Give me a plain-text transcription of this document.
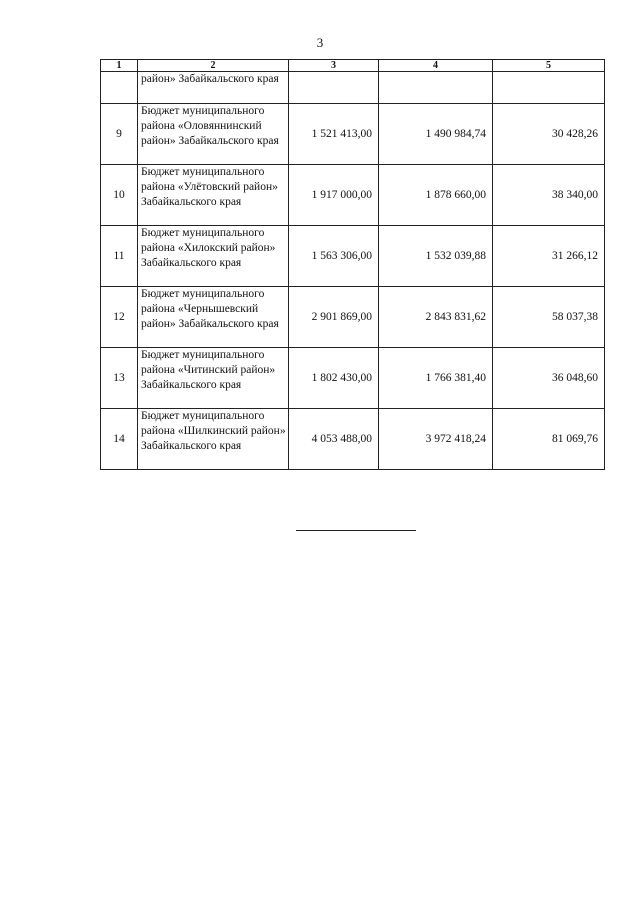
3
1	2	3	4	5
	район» Забайкальского края			
9	Бюджет муниципального района «Оловяннинский район» Забайкальского края	1 521 413,00	1 490 984,74	30 428,26
10	Бюджет муниципального района «Улётовский район» Забайкальского края	1 917 000,00	1 878 660,00	38 340,00
11	Бюджет муниципального района «Хилокский район» Забайкальского края	1 563 306,00	1 532 039,88	31 266,12
12	Бюджет муниципального района «Чернышевский район» Забайкальского края	2 901 869,00	2 843 831,62	58 037,38
13	Бюджет муниципального района «Читинский район» Забайкальского края	1 802 430,00	1 766 381,40	36 048,60
14	Бюджет муниципального района «Шилкинский район» Забайкальского края	4 053 488,00	3 972 418,24	81 069,76
